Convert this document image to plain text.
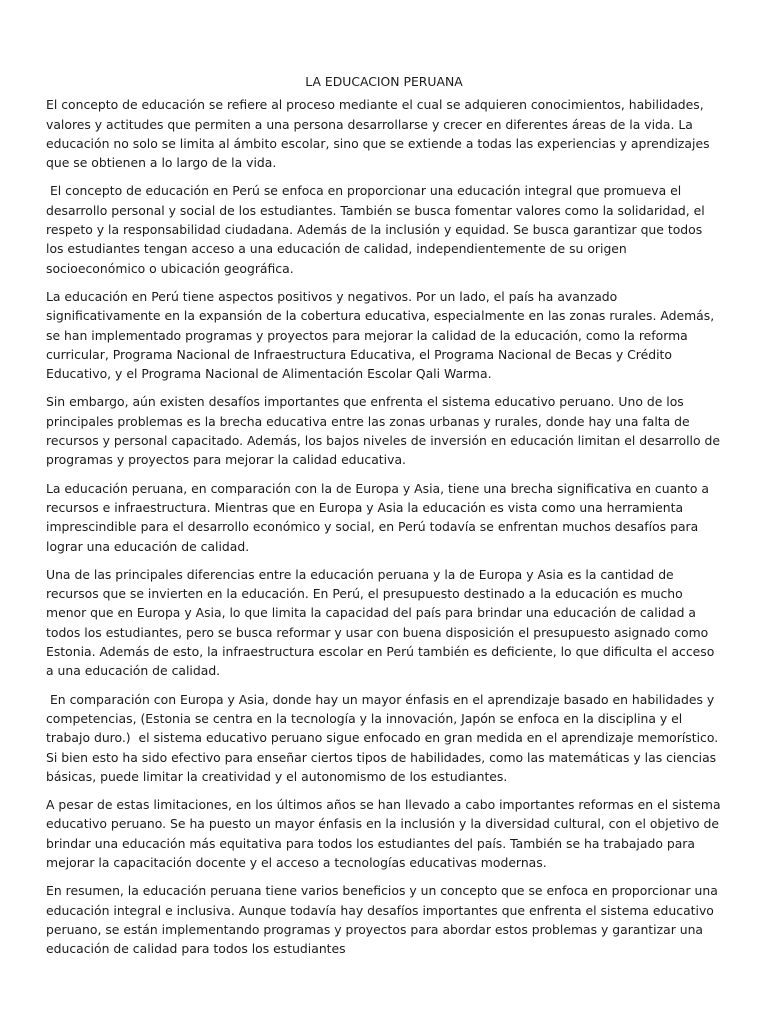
LA EDUCACION PERUANA

El concepto de educación se refiere al proceso mediante el cual se adquieren conocimientos, habilidades, valores y actitudes que permiten a una persona desarrollarse y crecer en diferentes áreas de la vida. La educación no solo se limita al ámbito escolar, sino que se extiende a todas las experiencias y aprendizajes que se obtienen a lo largo de la vida.

El concepto de educación en Perú se enfoca en proporcionar una educación integral que promueva el desarrollo personal y social de los estudiantes. También se busca fomentar valores como la solidaridad, el respeto y la responsabilidad ciudadana. Además de la inclusión y equidad. Se busca garantizar que todos los estudiantes tengan acceso a una educación de calidad, independientemente de su origen socioeconómico o ubicación geográfica.

La educación en Perú tiene aspectos positivos y negativos. Por un lado, el país ha avanzado significativamente en la expansión de la cobertura educativa, especialmente en las zonas rurales. Además, se han implementado programas y proyectos para mejorar la calidad de la educación, como la reforma curricular, Programa Nacional de Infraestructura Educativa, el Programa Nacional de Becas y Crédito Educativo, y el Programa Nacional de Alimentación Escolar Qali Warma.

Sin embargo, aún existen desafíos importantes que enfrenta el sistema educativo peruano. Uno de los principales problemas es la brecha educativa entre las zonas urbanas y rurales, donde hay una falta de recursos y personal capacitado. Además, los bajos niveles de inversión en educación limitan el desarrollo de programas y proyectos para mejorar la calidad educativa.

La educación peruana, en comparación con la de Europa y Asia, tiene una brecha significativa en cuanto a recursos e infraestructura. Mientras que en Europa y Asia la educación es vista como una herramienta imprescindible para el desarrollo económico y social, en Perú todavía se enfrentan muchos desafíos para lograr una educación de calidad.

Una de las principales diferencias entre la educación peruana y la de Europa y Asia es la cantidad de recursos que se invierten en la educación. En Perú, el presupuesto destinado a la educación es mucho menor que en Europa y Asia, lo que limita la capacidad del país para brindar una educación de calidad a todos los estudiantes, pero se busca reformar y usar con buena disposición el presupuesto asignado como Estonia. Además de esto, la infraestructura escolar en Perú también es deficiente, lo que dificulta el acceso a una educación de calidad.

En comparación con Europa y Asia, donde hay un mayor énfasis en el aprendizaje basado en habilidades y competencias, (Estonia se centra en la tecnología y la innovación, Japón se enfoca en la disciplina y el trabajo duro.)  el sistema educativo peruano sigue enfocado en gran medida en el aprendizaje memorístico. Si bien esto ha sido efectivo para enseñar ciertos tipos de habilidades, como las matemáticas y las ciencias básicas, puede limitar la creatividad y el autonomismo de los estudiantes.

A pesar de estas limitaciones, en los últimos años se han llevado a cabo importantes reformas en el sistema educativo peruano. Se ha puesto un mayor énfasis en la inclusión y la diversidad cultural, con el objetivo de brindar una educación más equitativa para todos los estudiantes del país. También se ha trabajado para mejorar la capacitación docente y el acceso a tecnologías educativas modernas.

En resumen, la educación peruana tiene varios beneficios y un concepto que se enfoca en proporcionar una educación integral e inclusiva. Aunque todavía hay desafíos importantes que enfrenta el sistema educativo peruano, se están implementando programas y proyectos para abordar estos problemas y garantizar una educación de calidad para todos los estudiantes
